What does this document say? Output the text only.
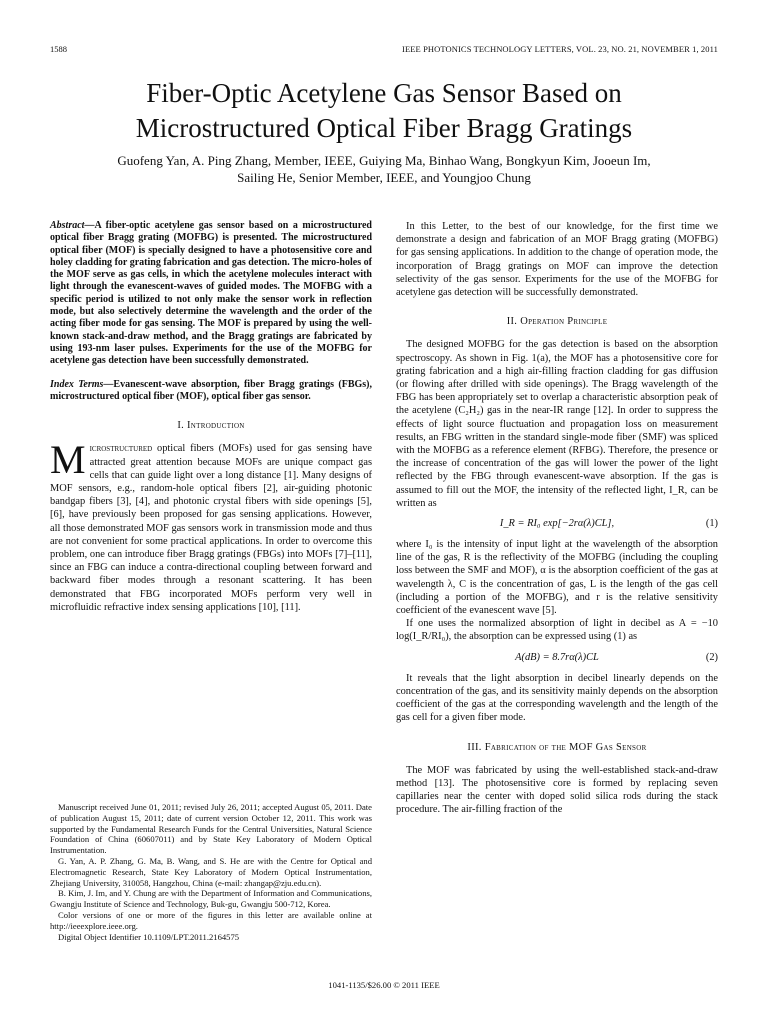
1588	IEEE PHOTONICS TECHNOLOGY LETTERS, VOL. 23, NO. 21, NOVEMBER 1, 2011
Fiber-Optic Acetylene Gas Sensor Based on
Microstructured Optical Fiber Bragg Gratings
Guofeng Yan, A. Ping Zhang, Member, IEEE, Guiying Ma, Binhao Wang, Bongkyun Kim, Jooeun Im,
Sailing He, Senior Member, IEEE, and Youngjoo Chung
Abstract—A fiber-optic acetylene gas sensor based on a microstructured optical fiber Bragg grating (MOFBG) is presented. The microstructured optical fiber (MOF) is specially designed to have a photosensitive core and holey cladding for grating fabrication and gas detection. The micro-holes of the MOF serve as gas cells, in which the acetylene molecules interact with light through the evanescent-waves of guided modes. The MOFBG with a specific period is utilized to not only make the sensor work in reflection mode, but also selectively determine the wavelength and the order of the acting fiber mode for gas sensing. The MOF is prepared by using the well-known stack-and-draw method, and the Bragg gratings are fabricated by using 193-nm laser pulses. Experiments for the use of the MOFBG for acetylene gas detection have been successfully demonstrated.
Index Terms—Evanescent-wave absorption, fiber Bragg gratings (FBGs), microstructured optical fiber (MOF), optical fiber gas sensor.
I. Introduction

Microstructured optical fibers (MOFs) used for gas sensing have attracted great attention because MOFs are unique compact gas cells that can guide light over a long distance [1]. Many designs of MOF sensors, e.g., random-hole optical fibers [2], air-guiding photonic bandgap fibers [3], [4], and photonic crystal fibers with side openings [5], [6], have previously been proposed for gas sensing applications. However, all those demonstrated MOF gas sensors work in transmission mode and thus are not convenient for some practical applications. In order to overcome this problem, one can introduce fiber Bragg gratings (FBGs) into MOFs [7]–[11], since an FBG can induce a contra-directional coupling between forward and backward fiber modes through a resonant scattering. It has been demonstrated that FBG incorporated MOFs perform very well in microfluidic refractive index sensing applications [10], [11].

Manuscript received June 01, 2011; revised July 26, 2011; accepted August 05, 2011. Date of publication August 15, 2011; date of current version October 12, 2011. This work was supported by the Fundamental Research Funds for the Central Universities, Natural Science Foundation of China (60607011) and by State Key Laboratory of Modern Optical Instrumentation.

G. Yan, A. P. Zhang, G. Ma, B. Wang, and S. He are with the Centre for Optical and Electromagnetic Research, State Key Laboratory of Modern Optical Instrumentation, Zhejiang University, 310058, Hangzhou, China (e-mail: zhangap@zju.edu.cn).

B. Kim, J. Im, and Y. Chung are with the Department of Information and Communications, Gwangju Institute of Science and Technology, Buk-gu, Gwangju 500-712, Korea.

Color versions of one or more of the figures in this letter are available online at http://ieeexplore.ieee.org.

Digital Object Identifier 10.1109/LPT.2011.2164575

In this Letter, to the best of our knowledge, for the first time we demonstrate a design and fabrication of an MOF Bragg grating (MOFBG) for gas sensing applications. In addition to the change of operation mode, the incorporation of Bragg gratings on MOF can improve the detection selectivity of the gas sensor. Experiments for the use of the MOFBG for acetylene gas detection will be successfully demonstrated.

II. Operation Principle

The designed MOFBG for the gas detection is based on the absorption spectroscopy. As shown in Fig. 1(a), the MOF has a photosensitive core for grating fabrication and a high air-filling fraction cladding for gas diffusion (or flowing after drilled with side openings). The Bragg wavelength of the FBG has been appropriately set to overlap a characteristic absorption peak of the acetylene (C₂H₂) gas in the near-IR range [12]. In order to suppress the effects of light source fluctuation and propagation loss on measurement results, an FBG written in the standard single-mode fiber (SMF) was spliced with the MOFBG as a reference element (RFBG). Therefore, the presence or the increase of concentration of the gas will lower the power of the light reflected by the FBG through evanescent-wave absorption. If the gas is assumed to fill out the MOF, the intensity of the reflected light, I_R, can be written as

I_R = RI₀ exp[−2rα(λ)CL],	(1)

where I₀ is the intensity of input light at the wavelength of the absorption line of the gas, R is the reflectivity of the MOFBG (including the coupling loss between the SMF and MOF), α is the absorption coefficient of the gas at wavelength λ, C is the concentration of gas, L is the length of the gas cell (including a portion of the MOFBG), and r is the relative sensitivity coefficient of the evanescent wave [5].

If one uses the normalized absorption of light in decibel as A = −10 log(I_R/RI₀), the absorption can be expressed using (1) as

A(dB) = 8.7rα(λ)CL	(2)

It reveals that the light absorption in decibel linearly depends on the concentration of the gas, and its sensitivity mainly depends on the absorption coefficient of the gas at the corresponding wavelength and the length of the gas cell for a given fiber mode.

III. Fabrication of the MOF Gas Sensor

The MOF was fabricated by using the well-established stack-and-draw method [13]. The photosensitive core is formed by replacing seven capillaries near the center with doped solid silica rods during the stack procedure. The air-filling fraction of the

1041-1135/$26.00 © 2011 IEEE
